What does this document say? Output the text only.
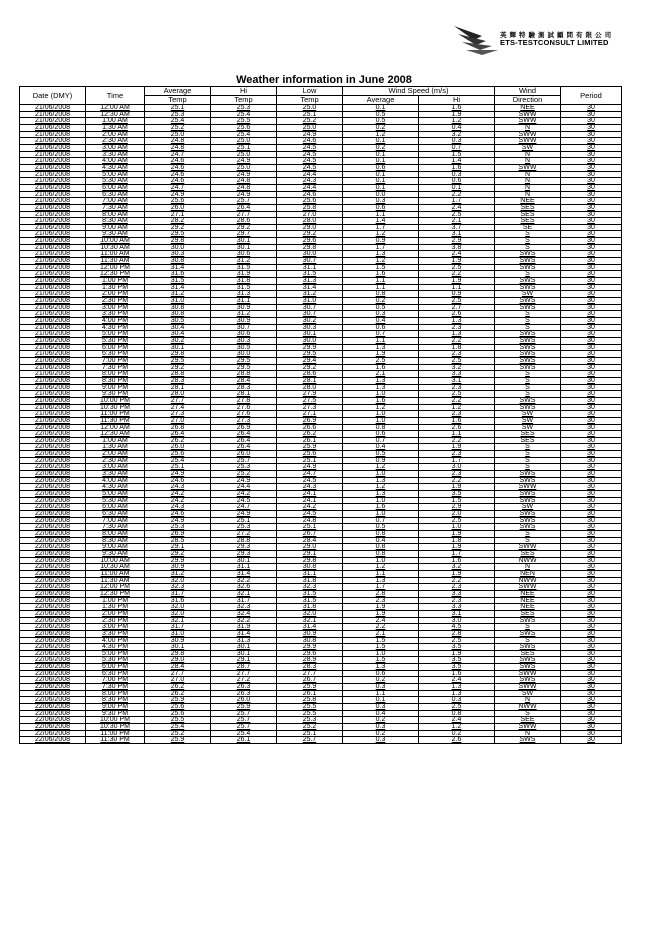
英 輝 特 驗 測 試 顧 問 有 限 公 司
ETS-TESTCONSULT LIMITED
Weather information in June 2008
Date (DMY)	Time	Average	Hi	Low	Wind Speed (m/s)		Wind	Period
		Temp	Temp	Temp	Average	Hi	Direction	
21/06/2008	12:00 AM	25.1	25.3	25.0	0.1	1.6	NEE	30
21/06/2008	12:30 AM	25.3	25.4	25.1	0.5	1.9	SWW	30
21/06/2008	1:00 AM	25.4	25.5	25.2	0.5	1.2	SWW	30
21/06/2008	1:30 AM	25.2	25.6	25.0	0.2	0.4	N	30
21/06/2008	2:00 AM	25.0	25.4	24.9	1.2	3.2	SWW	30
21/06/2008	2:30 AM	24.8	25.0	24.6	0.1	0.3	SWW	30
21/06/2008	3:00 AM	24.8	25.1	24.5	0.2	0.7	SW	30
21/06/2008	3:30 AM	24.7	25.0	24.5	0.1	1.5	N	30
21/06/2008	4:00 AM	24.6	24.9	24.5	0.1	1.4	N	30
21/06/2008	4:30 AM	24.6	25.0	24.5	0.6	1.6	SWW	30
21/06/2008	5:00 AM	24.6	24.9	24.4	0.1	0.3	N	30
21/06/2008	5:30 AM	24.6	24.8	24.3	0.1	0.6	N	30
21/06/2008	6:00 AM	24.7	24.8	24.4	0.1	0.1	N	30
21/06/2008	6:30 AM	24.9	24.9	24.6	0.0	2.2	N	30
21/06/2008	7:00 AM	25.6	25.7	25.6	0.3	1.7	NEE	30
21/06/2008	7:30 AM	26.0	26.4	25.8	0.6	2.4	SES	30
21/06/2008	8:00 AM	27.1	27.7	27.0	1.1	2.5	SES	30
21/06/2008	8:30 AM	28.2	28.6	28.0	1.4	2.1	SES	30
21/06/2008	9:00 AM	29.2	29.2	29.0	1.7	3.7	SE	30
21/06/2008	9:30 AM	29.5	29.7	29.2	1.2	3.1	S	30
21/06/2008	10:00 AM	29.8	30.1	29.6	0.9	2.9	S	30
21/06/2008	10:30 AM	30.0	30.1	29.8	1.7	3.8	S	30
21/06/2008	11:00 AM	30.3	30.6	30.0	1.3	2.4	SWS	30
21/06/2008	11:30 AM	30.8	31.2	30.7	1.2	1.9	SWS	30
21/06/2008	12:00 PM	31.4	31.5	31.1	1.5	2.5	SWS	30
21/06/2008	12:30 PM	31.6	31.9	31.5	1.6	2.2	S	30
21/06/2008	1:00 PM	31.5	31.8	31.3	1.1	1.9	SWS	30
21/06/2008	1:30 PM	31.4	31.5	31.4	1.1	1.1	SWS	30
21/06/2008	2:00 PM	31.2	31.3	31.2	0.8	0.9	SW	30
21/06/2008	2:30 PM	31.0	31.1	31.0	0.2	2.5	SWS	30
21/06/2008	3:00 PM	30.8	30.9	30.7	0.5	2.7	SWS	30
21/06/2008	3:30 PM	30.8	31.2	30.7	0.3	2.6	S	30
21/06/2008	4:00 PM	30.5	30.9	30.2	0.4	1.3	S	30
21/06/2008	4:30 PM	30.4	30.7	30.3	0.6	2.3	S	30
21/06/2008	5:00 PM	30.4	30.6	30.1	0.7	1.3	SWS	30
21/06/2008	5:30 PM	30.2	30.3	30.0	1.1	2.2	SWS	30
21/06/2008	6:00 PM	30.1	30.5	29.9	1.3	1.8	SWS	30
21/06/2008	6:30 PM	29.8	30.0	29.5	1.9	2.3	SWS	30
21/06/2008	7:00 PM	29.5	29.5	29.4	2.5	2.5	SWS	30
21/06/2008	7:30 PM	29.2	29.5	29.2	1.6	3.2	SWS	30
21/06/2008	8:00 PM	28.8	28.8	28.6	2.1	3.3	S	30
21/06/2008	8:30 PM	28.3	28.4	28.1	1.3	3.1	S	30
21/06/2008	9:00 PM	28.1	28.3	28.0	1.3	2.3	S	30
21/06/2008	9:30 PM	28.0	28.1	27.9	1.0	2.5	S	30
21/06/2008	10:00 PM	27.7	27.8	27.5	1.6	2.2	SWS	30
21/06/2008	10:30 PM	27.4	27.6	27.3	1.2	1.2	SWS	30
21/06/2008	11:00 PM	27.3	27.6	27.1	1.0	2.3	SW	30
21/06/2008	11:30 PM	27.0	27.3	26.9	1.0	1.6	SW	30
22/06/2008	12:00 AM	26.8	26.9	26.6	0.8	2.6	SW	30
22/06/2008	12:30 AM	26.4	26.4	26.2	0.6	1.1	SES	30
22/06/2008	1:00 AM	26.2	26.4	26.1	0.7	2.2	SES	30
22/06/2008	1:30 AM	26.0	26.4	25.9	0.4	1.9	S	30
22/06/2008	2:00 AM	25.6	26.0	25.6	0.5	2.3	S	30
22/06/2008	2:30 AM	25.4	25.7	25.1	0.9	1.7	S	30
22/06/2008	3:00 AM	25.1	25.3	24.9	1.2	3.0	S	30
22/06/2008	3:30 AM	24.9	25.2	24.7	1.0	2.3	SWS	30
22/06/2008	4:00 AM	24.6	24.9	24.5	1.3	2.2	SWS	30
22/06/2008	4:30 AM	24.3	24.4	24.3	1.2	1.9	SWW	30
22/06/2008	5:00 AM	24.2	24.2	24.1	1.3	3.5	SWS	30
22/06/2008	5:30 AM	24.2	24.5	24.1	1.0	1.5	SWS	30
22/06/2008	6:00 AM	24.3	24.7	24.2	1.6	2.9	SW	30
22/06/2008	6:30 AM	24.6	24.9	24.5	1.0	2.0	SWS	30
22/06/2008	7:00 AM	24.9	25.1	24.8	0.7	2.5	SWS	30
22/06/2008	7:30 AM	25.3	25.3	25.1	0.5	1.0	SWS	30
22/06/2008	8:00 AM	26.9	27.2	26.7	0.8	1.9	S	30
22/06/2008	8:30 AM	28.5	28.8	28.4	0.4	1.8	S	30
22/06/2008	9:00 AM	29.1	29.3	29.0	0.8	1.9	SWW	30
22/06/2008	9:30 AM	29.2	29.3	29.1	0.8	1.7	SES	30
22/06/2008	10:00 AM	29.9	30.1	29.8	1.0	1.6	NWW	30
22/06/2008	10:30 AM	30.9	31.1	30.8	1.2	3.2	N	30
22/06/2008	11:00 AM	31.2	31.4	31.1	1.1	1.9	NEN	30
22/06/2008	11:30 AM	32.0	32.2	31.8	1.3	2.2	NWW	30
22/06/2008	12:00 PM	32.3	32.6	32.3	1.7	2.3	SWW	30
22/06/2008	12:30 PM	31.7	32.1	31.5	2.8	3.3	NEE	30
22/06/2008	1:00 PM	31.6	31.7	31.5	2.3	2.3	NEE	30
22/06/2008	1:30 PM	32.0	32.3	31.8	1.9	3.3	NEE	30
22/06/2008	2:00 PM	32.0	32.4	32.0	1.9	3.1	SES	30
22/06/2008	2:30 PM	32.1	32.2	32.1	2.4	3.0	SWS	30
22/06/2008	3:00 PM	31.7	31.9	31.4	2.2	4.5	S	30
22/06/2008	3:30 PM	31.0	31.4	30.9	2.1	2.8	SWS	30
22/06/2008	4:00 PM	30.9	31.3	30.8	1.5	2.5	S	30
22/06/2008	4:30 PM	30.1	30.1	29.9	1.5	3.5	SWS	30
22/06/2008	5:00 PM	29.8	30.1	29.6	1.0	1.9	SES	30
22/06/2008	5:30 PM	29.0	29.1	28.9	1.5	3.5	SWS	30
22/06/2008	6:00 PM	28.4	28.7	28.3	1.3	3.5	SWS	30
22/06/2008	6:30 PM	27.7	27.7	27.7	0.6	1.6	SWW	30
22/06/2008	7:00 PM	27.0	27.2	26.7	0.2	2.4	SWS	30
22/06/2008	7:30 PM	26.2	26.3	25.9	0.3	1.3	SWW	30
22/06/2008	8:00 PM	26.2	26.3	26.1	1.1	1.3	SW	30
22/06/2008	8:30 PM	25.9	26.0	25.8	0.1	0.3	N	30
22/06/2008	9:00 PM	25.6	25.9	25.5	0.3	2.5	NWW	30
22/06/2008	9:30 PM	25.6	25.7	25.5	0.4	0.8	S	30
22/06/2008	10:00 PM	25.5	25.7	25.3	0.2	2.4	SEE	30
22/06/2008	10:30 PM	25.4	25.7	25.2	0.3	1.2	SWW	30
22/06/2008	11:00 PM	25.2	25.4	25.1	0.2	0.2	N	30
22/06/2008	11:30 PM	25.9	26.1	25.7	0.3	2.6	SWS	30
